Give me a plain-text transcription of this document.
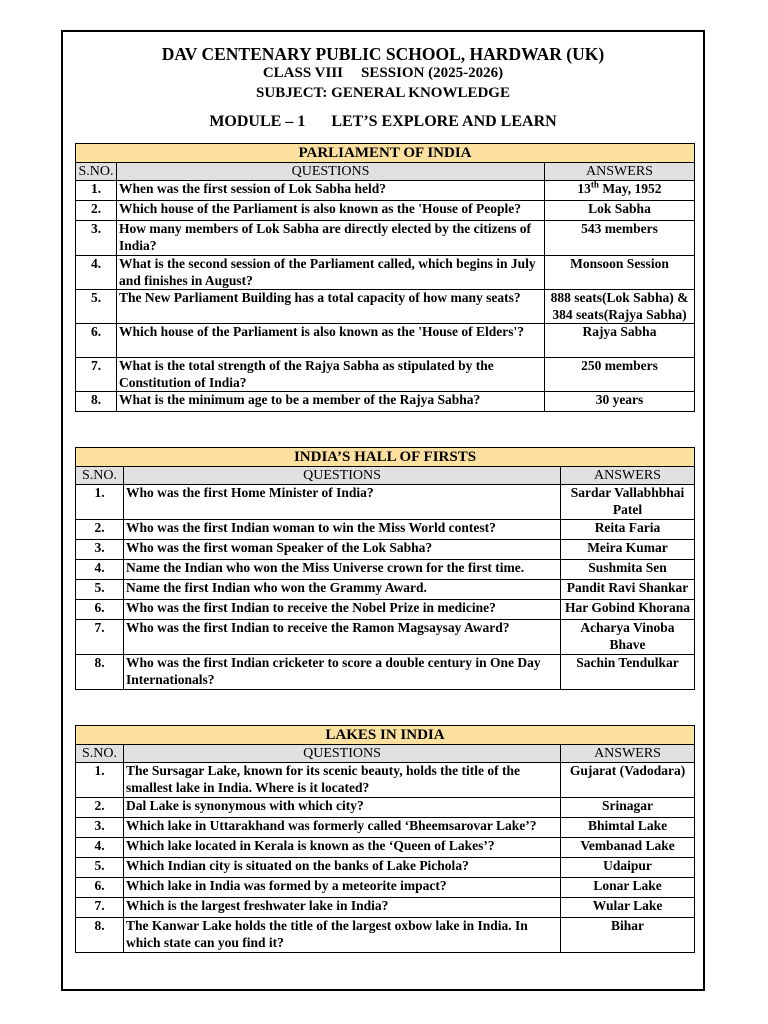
DAV CENTENARY PUBLIC SCHOOL, HARDWAR (UK)
CLASS VIII SESSION (2025-2026)
SUBJECT: GENERAL KNOWLEDGE
MODULE – 1 LET’S EXPLORE AND LEARN
PARLIAMENT OF INDIA		
S.NO.	QUESTIONS	ANSWERS
1.	When was the first session of Lok Sabha held?	13th May, 1952
2.	Which house of the Parliament is also known as the 'House of People?	Lok Sabha
3.	How many members of Lok Sabha are directly elected by the citizens of India?	543 members
4.	What is the second session of the Parliament called, which begins in July and finishes in August?	Monsoon Session
5.	The New Parliament Building has a total capacity of how many seats?	888 seats(Lok Sabha) & 384 seats(Rajya Sabha)
6.	Which house of the Parliament is also known as the 'House of Elders'?	Rajya Sabha
7.	What is the total strength of the Rajya Sabha as stipulated by the Constitution of India?	250 members
8.	What is the minimum age to be a member of the Rajya Sabha?	30 years
INDIA’S HALL OF FIRSTS		
S.NO.	QUESTIONS	ANSWERS
1.	Who was the first Home Minister of India?	Sardar Vallabhbhai Patel
2.	Who was the first Indian woman to win the Miss World contest?	Reita Faria
3.	Who was the first woman Speaker of the Lok Sabha?	Meira Kumar
4.	Name the Indian who won the Miss Universe crown for the first time.	Sushmita Sen
5.	Name the first Indian who won the Grammy Award.	Pandit Ravi Shankar
6.	Who was the first Indian to receive the Nobel Prize in medicine?	Har Gobind Khorana
7.	Who was the first Indian to receive the Ramon Magsaysay Award?	Acharya Vinoba Bhave
8.	Who was the first Indian cricketer to score a double century in One Day Internationals?	Sachin Tendulkar
LAKES IN INDIA		
S.NO.	QUESTIONS	ANSWERS
1.	The Sursagar Lake, known for its scenic beauty, holds the title of the smallest lake in India. Where is it located?	Gujarat (Vadodara)
2.	Dal Lake is synonymous with which city?	Srinagar
3.	Which lake in Uttarakhand was formerly called ‘Bheemsarovar Lake’?	Bhimtal Lake
4.	Which lake located in Kerala is known as the ‘Queen of Lakes’?	Vembanad Lake
5.	Which Indian city is situated on the banks of Lake Pichola?	Udaipur
6.	Which lake in India was formed by a meteorite impact?	Lonar Lake
7.	Which is the largest freshwater lake in India?	Wular Lake
8.	The Kanwar Lake holds the title of the largest oxbow lake in India. In which state can you find it?	Bihar
